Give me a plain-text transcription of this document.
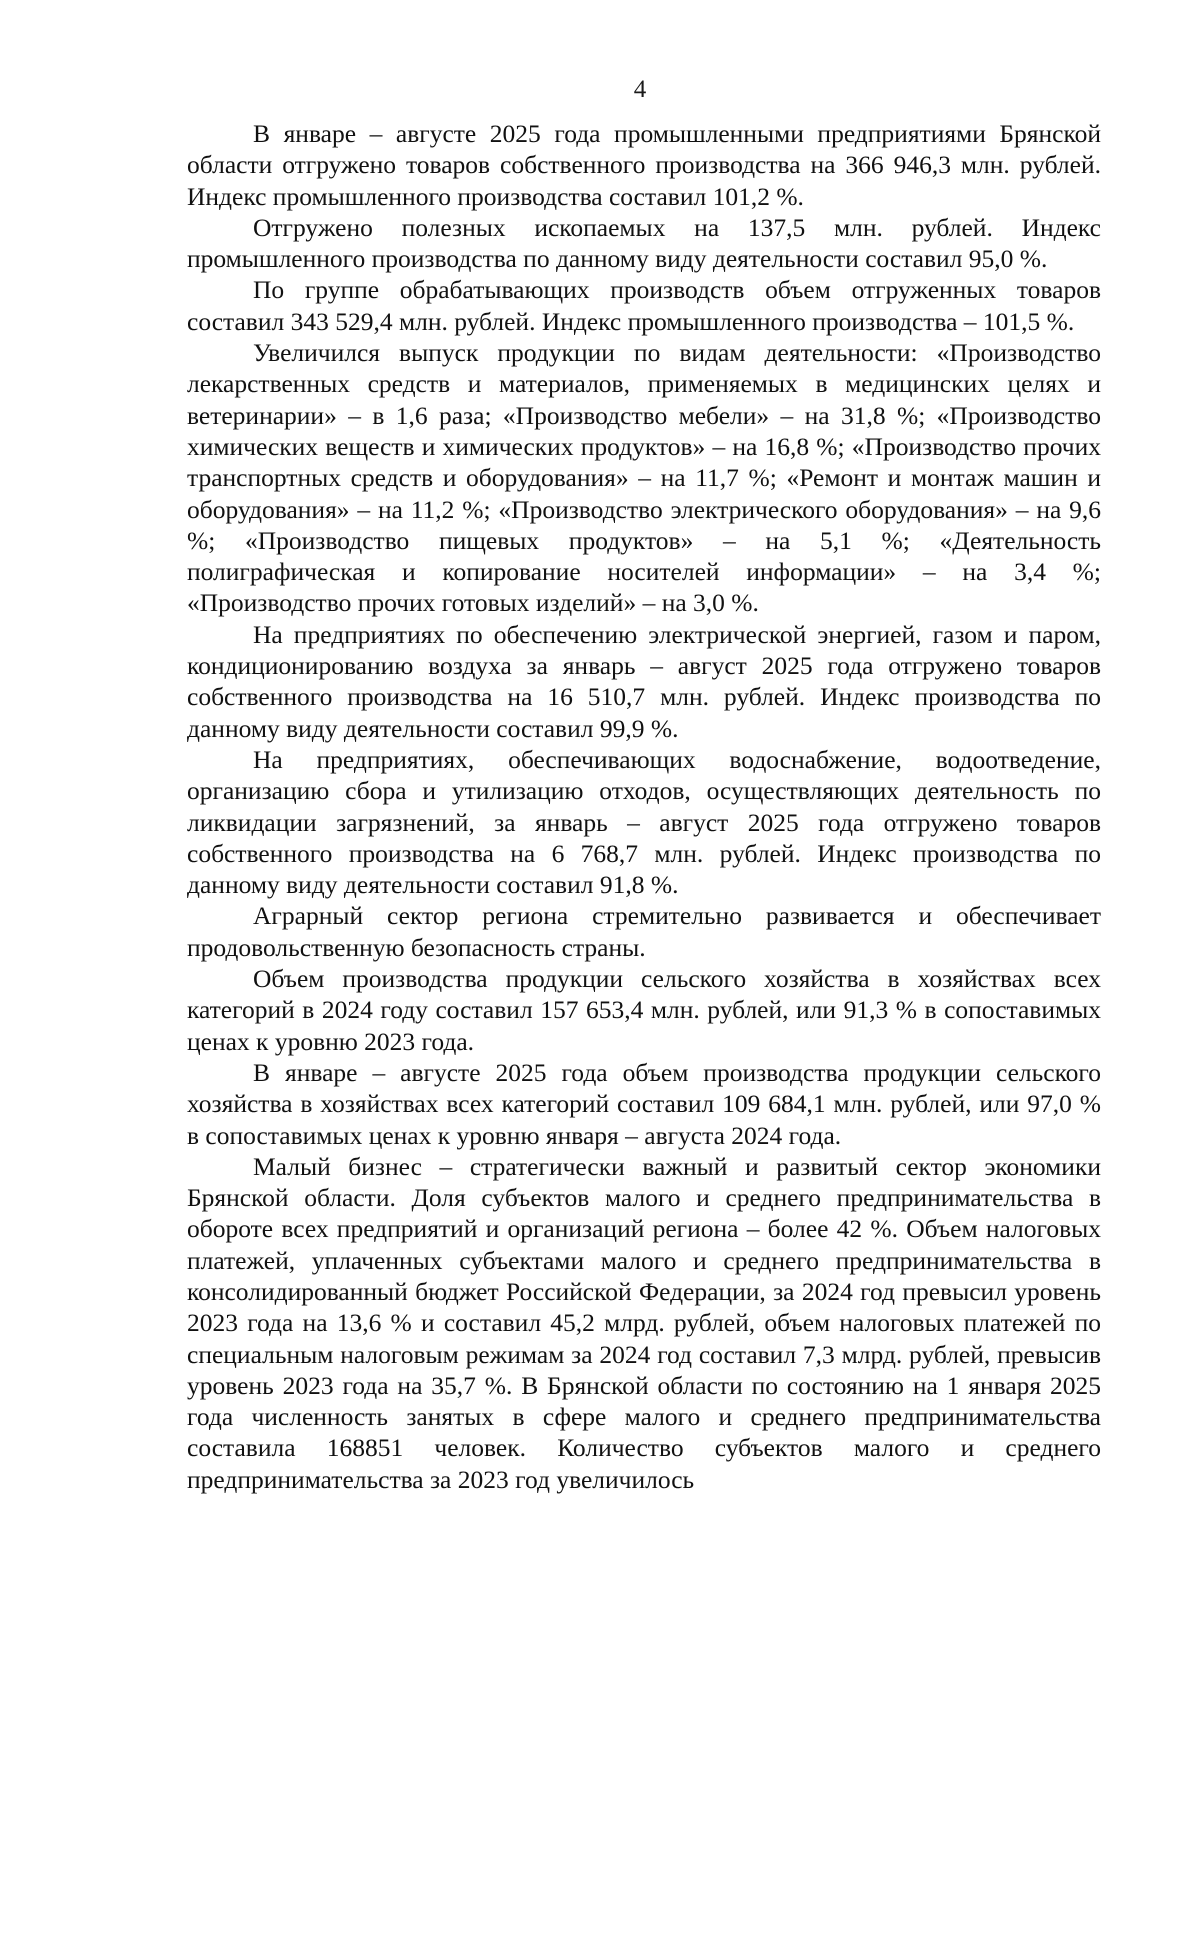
4

В январе – августе 2025 года промышленными предприятиями Брянской области отгружено товаров собственного производства на 366 946,3 млн. рублей. Индекс промышленного производства составил 101,2 %.

Отгружено полезных ископаемых на 137,5 млн. рублей. Индекс промышленного производства по данному виду деятельности составил 95,0 %.

По группе обрабатывающих производств объем отгруженных товаров составил 343 529,4 млн. рублей. Индекс промышленного производства – 101,5 %.

Увеличился выпуск продукции по видам деятельности: «Производство лекарственных средств и материалов, применяемых в медицинских целях и ветеринарии» – в 1,6 раза; «Производство мебели» – на 31,8 %; «Производство химических веществ и химических продуктов» – на 16,8 %; «Производство прочих транспортных средств и оборудования» – на 11,7 %; «Ремонт и монтаж машин и оборудования» – на 11,2 %; «Производство электрического оборудования» – на 9,6 %; «Производство пищевых продуктов» – на 5,1 %; «Деятельность полиграфическая и копирование носителей информации» – на 3,4 %; «Производство прочих готовых изделий» – на 3,0 %.

На предприятиях по обеспечению электрической энергией, газом и паром, кондиционированию воздуха за январь – август 2025 года отгружено товаров собственного производства на 16 510,7 млн. рублей. Индекс производства по данному виду деятельности составил 99,9 %.

На предприятиях, обеспечивающих водоснабжение, водоотведение, организацию сбора и утилизацию отходов, осуществляющих деятельность по ликвидации загрязнений, за январь – август 2025 года отгружено товаров собственного производства на 6 768,7 млн. рублей. Индекс производства по данному виду деятельности составил 91,8 %.

Аграрный сектор региона стремительно развивается и обеспечивает продовольственную безопасность страны.

Объем производства продукции сельского хозяйства в хозяйствах всех категорий в 2024 году составил 157 653,4 млн. рублей, или 91,3 % в сопоставимых ценах к уровню 2023 года.

В январе – августе 2025 года объем производства продукции сельского хозяйства в хозяйствах всех категорий составил 109 684,1 млн. рублей, или 97,0 % в сопоставимых ценах к уровню января – августа 2024 года.

Малый бизнес – стратегически важный и развитый сектор экономики Брянской области. Доля субъектов малого и среднего предпринимательства в обороте всех предприятий и организаций региона – более 42 %. Объем налоговых платежей, уплаченных субъектами малого и среднего предпринимательства в консолидированный бюджет Российской Федерации, за 2024 год превысил уровень 2023 года на 13,6 % и составил 45,2 млрд. рублей, объем налоговых платежей по специальным налоговым режимам за 2024 год составил 7,3 млрд. рублей, превысив уровень 2023 года на 35,7 %. В Брянской области по состоянию на 1 января 2025 года численность занятых в сфере малого и среднего предпринимательства составила 168851 человек. Количество субъектов малого и среднего предпринимательства за 2023 год увеличилось
